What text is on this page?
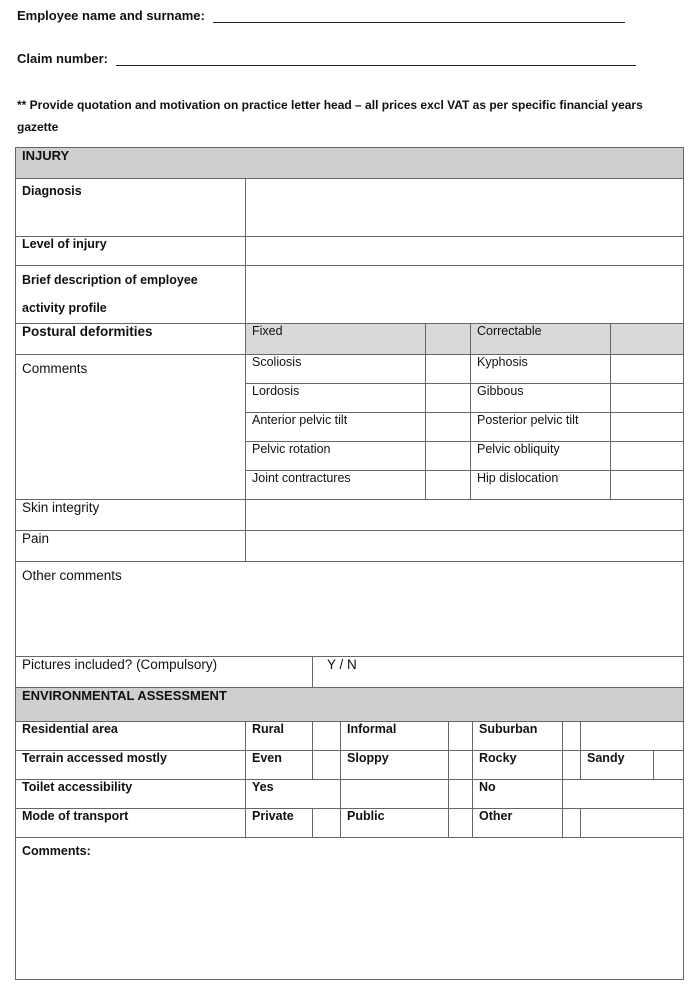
Employee name and surname:
Claim number:
** Provide quotation and motivation on practice letter head – all prices excl VAT as per specific financial years gazette
INJURY				
Diagnosis				
Level of injury				
Brief description of employee activity profile				
Postural deformities	Fixed		Correctable	
Comments	Scoliosis		Kyphosis	
	Lordosis		Gibbous	
	Anterior pelvic tilt		Posterior pelvic tilt	
	Pelvic rotation		Pelvic obliquity	
	Joint contractures		Hip dislocation	
Skin integrity				
Pain				
Other comments				
Pictures included? (Compulsory)		Y / N						
ENVIRONMENTAL ASSESSMENT								
Residential area	Rural		Informal		Suburban			
Terrain accessed mostly	Even		Sloppy		Rocky		Sandy	
Toilet accessibility	Yes				No			
Mode of transport	Private		Public		Other			
Comments:								
